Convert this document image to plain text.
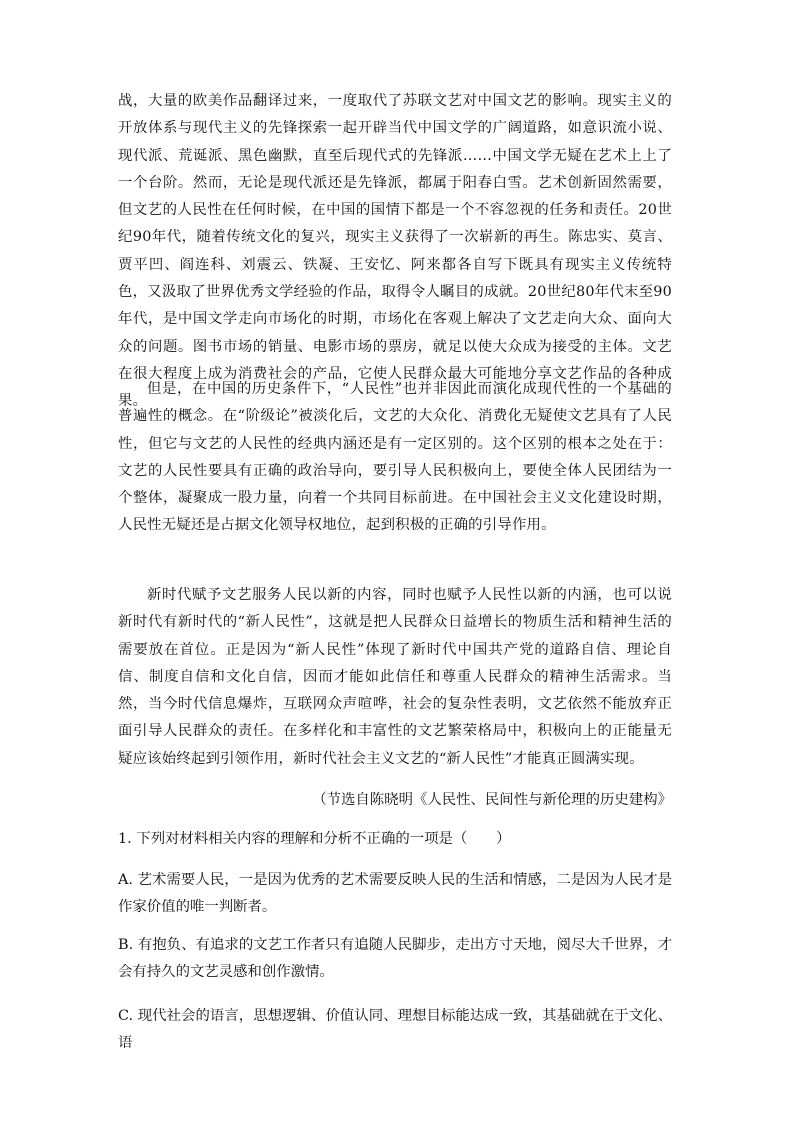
战，大量的欧美作品翻译过来，一度取代了苏联文艺对中国文艺的影响。现实主义的开放体系与现代主义的先锋探索一起开辟当代中国文学的广阔道路，如意识流小说、现代派、荒诞派、黑色幽默，直至后现代式的先锋派……中国文学无疑在艺术上上了一个台阶。然而，无论是现代派还是先锋派，都属于阳春白雪。艺术创新固然需要，但文艺的人民性在任何时候，在中国的国情下都是一个不容忽视的任务和责任。20世纪90年代，随着传统文化的复兴，现实主义获得了一次崭新的再生。陈忠实、莫言、贾平凹、阎连科、刘震云、铁凝、王安忆、阿来都各自写下既具有现实主义传统特色，又汲取了世界优秀文学经验的作品，取得令人瞩目的成就。20世纪80年代末至90年代，是中国文学走向市场化的时期，市场化在客观上解决了文艺走向大众、面向大众的问题。图书市场的销量、电影市场的票房，就足以使大众成为接受的主体。文艺在很大程度上成为消费社会的产品，它使人民群众最大可能地分享文艺作品的各种成果。

但是，在中国的历史条件下，“人民性”也并非因此而演化成现代性的一个基础的普遍性的概念。在“阶级论”被淡化后，文艺的大众化、消费化无疑使文艺具有了人民性，但它与文艺的人民性的经典内涵还是有一定区别的。这个区别的根本之处在于：文艺的人民性要具有正确的政治导向，要引导人民积极向上，要使全体人民团结为一个整体，凝聚成一股力量，向着一个共同目标前进。在中国社会主义文化建设时期，人民性无疑还是占据文化领导权地位，起到积极的正确的引导作用。

新时代赋予文艺服务人民以新的内容，同时也赋予人民性以新的内涵，也可以说新时代有新时代的“新人民性”，这就是把人民群众日益增长的物质生活和精神生活的需要放在首位。正是因为“新人民性”体现了新时代中国共产党的道路自信、理论自信、制度自信和文化自信，因而才能如此信任和尊重人民群众的精神生活需求。当然，当今时代信息爆炸，互联网众声喧哗，社会的复杂性表明，文艺依然不能放弃正面引导人民群众的责任。在多样化和丰富性的文艺繁荣格局中，积极向上的正能量无疑应该始终起到引领作用，新时代社会主义文艺的“新人民性”才能真正圆满实现。

（节选自陈晓明《人民性、民间性与新伦理的历史建构》

1. 下列对材料相关内容的理解和分析不正确的一项是（　　）

A. 艺术需要人民，一是因为优秀的艺术需要反映人民的生活和情感，二是因为人民才是作家价值的唯一判断者。

B. 有抱负、有追求的文艺工作者只有追随人民脚步，走出方寸天地，阅尽大千世界，才会有持久的文艺灵感和创作激情。

C. 现代社会的语言，思想逻辑、价值认同、理想目标能达成一致，其基础就在于文化、语
